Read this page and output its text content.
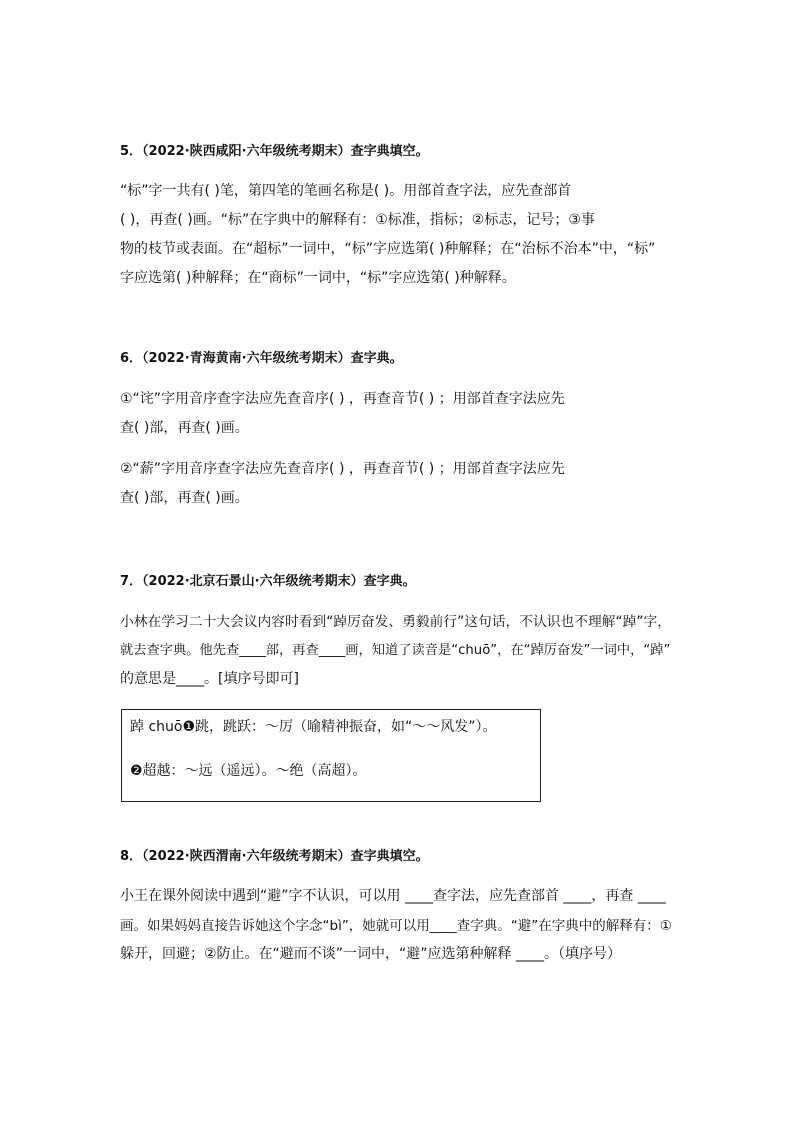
5．（2022·陕西咸阳·六年级统考期末）查字典填空。
“标”字一共有( )笔，第四笔的笔画名称是( )。用部首查字法，应先查部首
( )，再查( )画。“标”在字典中的解释有：①标准，指标；②标志，记号；③事
物的枝节或表面。在“超标”一词中，“标”字应选第( )种解释；在“治标不治本”中，“标”
字应选第( )种解释；在“商标”一词中，“标”字应选第( )种解释。
6．（2022·青海黄南·六年级统考期末）查字典。
①“诧”字用音序查字法应先查音序( ) ，再查音节( ) ；用部首查字法应先
查( )部，再查( )画。
②“薪”字用音序查字法应先查音序( ) ，再查音节( ) ；用部首查字法应先
查( )部，再查( )画。
7．（2022·北京石景山·六年级统考期末）查字典。
小林在学习二十大会议内容时看到“踔厉奋发、勇毅前行”这句话，不认识也不理解“踔”字，
就去查字典。他先查____部，再查____画，知道了读音是“chuō”，在“踔厉奋发”一词中，“踔”
的意思是____。[填序号即可]
踔 chuō❶跳，跳跃：～厉（喻精神振奋，如“～～风发”）。
❷超越：～远（遥远）。～绝（高超）。
8．（2022·陕西渭南·六年级统考期末）查字典填空。
小王在课外阅读中遇到“避”字不认识，可以用 ____查字法，应先查部首 ____，再查 ____
画。如果妈妈直接告诉她这个字念“bì”，她就可以用____查字典。“避”在字典中的解释有：①
躲开，回避；②防止。在“避而不谈”一词中，“避”应选第种解释 ____。（填序号）
